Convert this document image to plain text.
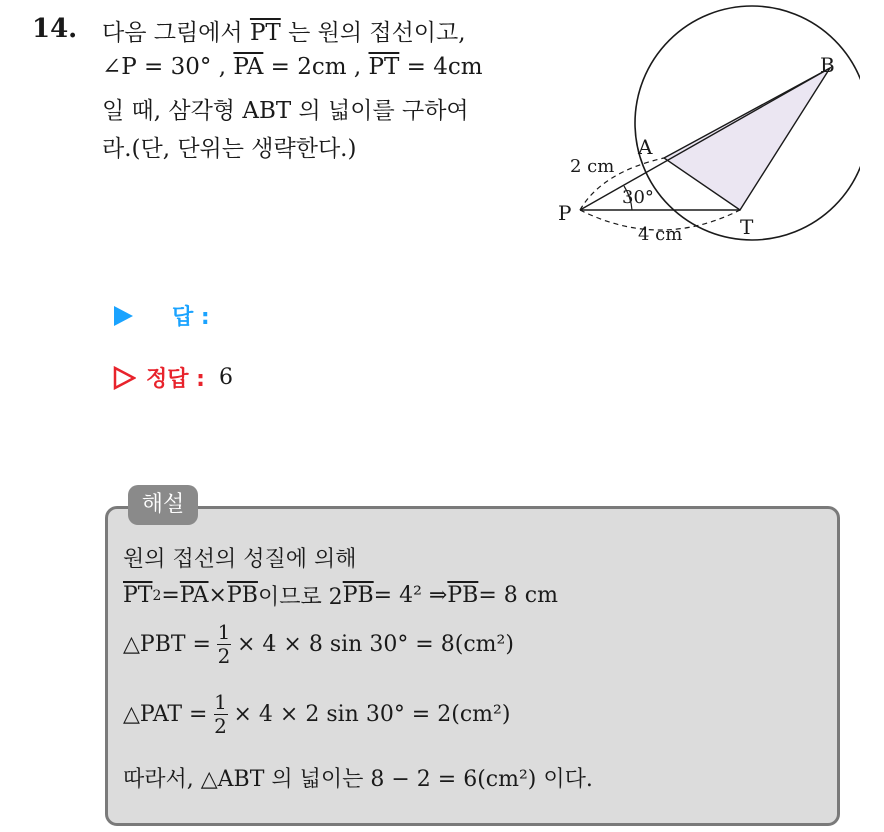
14. 다음 그림에서 $\overline{PT}$ 는 원의 접선이고,
∠P = 30° , $\overline{PA} = 2cm$ , $\overline{PT} = 4cm$
일 때, 삼각형 ABT 의 넓이를 구하여
라.(단, 단위는 생략한다.)
B
A
P
T
2 cm
30°
4 cm
답 :
정답 : 6
해설
원의 접선의 성질에 의해
$\overline{PT}$ $2 = \overline{PA} \times \overline{PB}$ 이므로 2 $\overline{PB} = 4^2$ ⇒ $\overline{PB} = 8$ cm
△PBT = $\frac{1}{2} \times 4 \times 8$ sin 30° = 8(cm²)
△PAT = $\frac{1}{2} \times 4 \times 2$ sin 30° = 2(cm²)
따라서, △ABT 의 넓이는 8 − 2 = 6(cm²) 이다.
